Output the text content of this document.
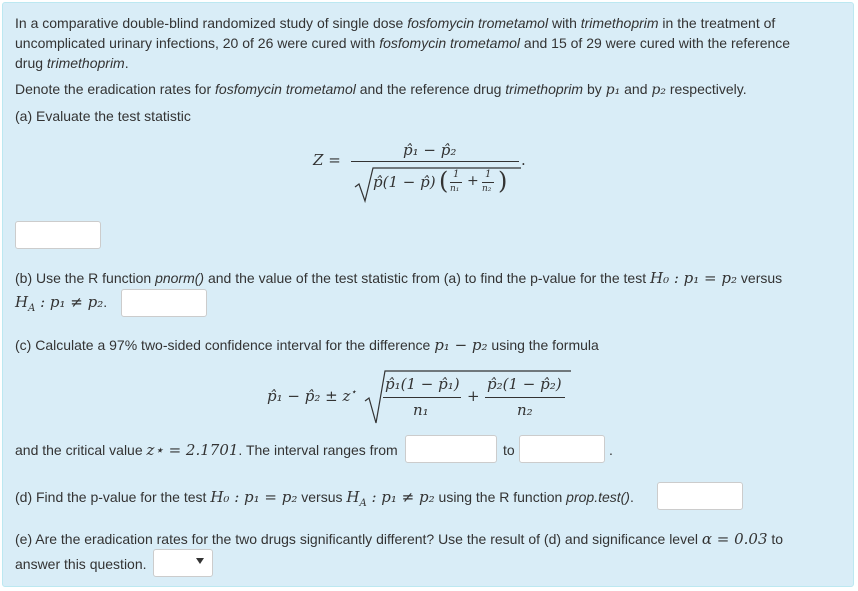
In a comparative double-blind randomized study of single dose fosfomycin trometamol with trimethoprim in the treatment of
uncomplicated urinary infections, 20 of 26 were cured with fosfomycin trometamol and 15 of 29 were cured with the reference
drug trimethoprim.
Denote the eradication rates for fosfomycin trometamol and the reference drug trimethoprim by p₁ and p₂ respectively.
(a) Evaluate the test statistic
Z =
p̂₁ − p̂₂
p̂(1 − p̂) ( 1
n₁ + 1
n₂ )
.
(b) Use the R function pnorm() and the value of the test statistic from (a) to find the p-value for the test H₀ : p₁ = p₂ versus
$H_A$ : p₁ ≠ p₂.
(c) Calculate a 97% two-sided confidence interval for the difference p₁ − p₂ using the formula
p̂₁ − p̂₂ ± z⋆ p̂₁(1 − p̂₁)
n₁
+
p̂₂(1 − p̂₂)
n₂
and the critical value z⋆ = 2.1701. The interval ranges from	to	.
(d) Find the p-value for the test H₀ : p₁ = p₂ versus $H_A$ : p₁ ≠ p₂ using the R function prop.test().
(e) Are the eradication rates for the two drugs significantly different? Use the result of (d) and significance level α = 0.03 to
answer this question.
